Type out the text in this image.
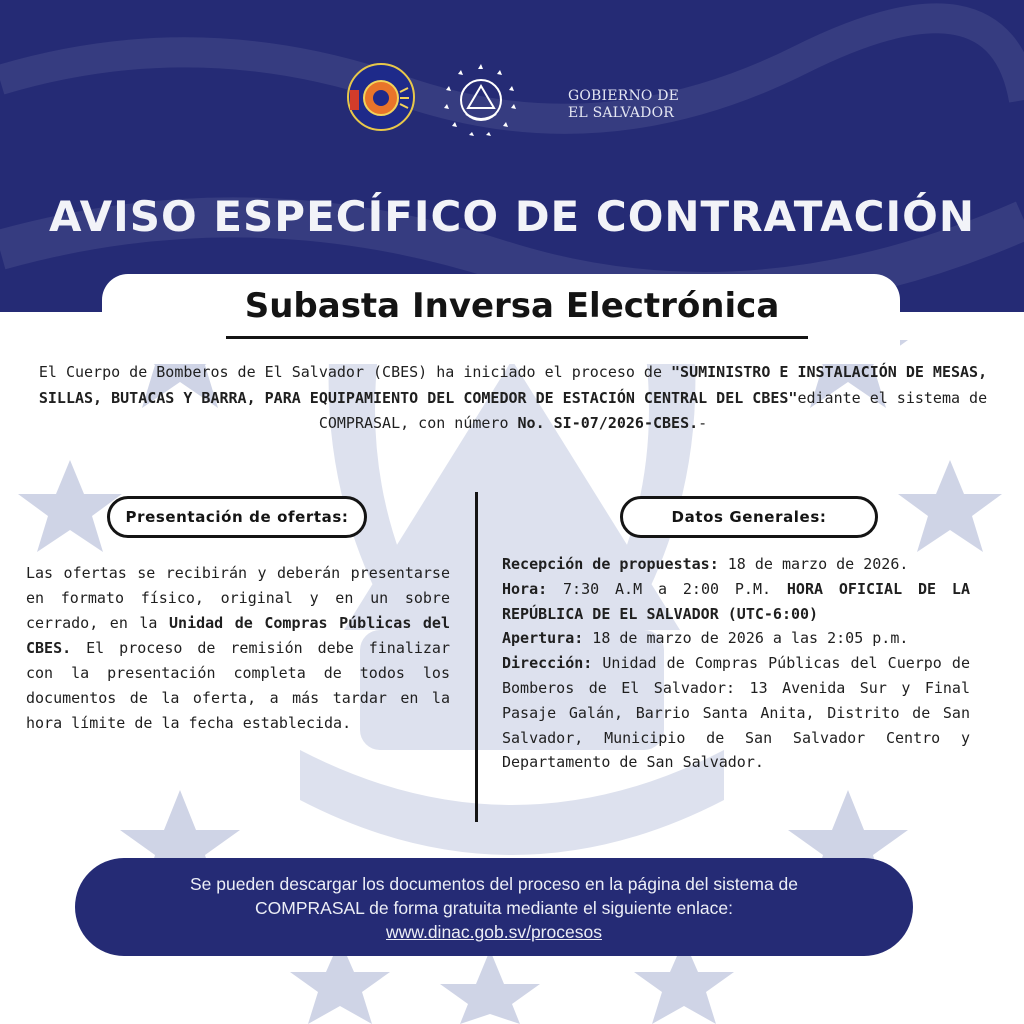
GOBIERNO DE
EL SALVADOR
AVISO ESPECÍFICO DE CONTRATACIÓN
Subasta Inversa Electrónica
El Cuerpo de Bomberos de El Salvador (CBES) ha iniciado el proceso de "SUMINISTRO E INSTALACIÓN DE MESAS, SILLAS, BUTACAS Y BARRA, PARA EQUIPAMIENTO DEL COMEDOR DE ESTACIÓN CENTRAL DEL CBES"ediante el sistema de COMPRASAL, con número No. SI-07/2026-CBES.-
Presentación de ofertas:	Datos Generales:

Las ofertas se recibirán y deberán presentarse en formato físico, original y en un sobre cerrado, en la Unidad de Compras Públicas del CBES. El proceso de remisión debe finalizar con la presentación completa de todos los documentos de la oferta, a más tardar en la hora límite de la fecha establecida.

Recepción de propuestas: 18 de marzo de 2026.

Hora: 7:30 A.M a 2:00 P.M. HORA OFICIAL DE LA REPÚBLICA DE EL SALVADOR (UTC-6:00)

Apertura: 18 de marzo de 2026 a las 2:05 p.m.

Dirección: Unidad de Compras Públicas del Cuerpo de Bomberos de El Salvador: 13 Avenida Sur y Final Pasaje Galán, Barrio Santa Anita, Distrito de San Salvador, Municipio de San Salvador Centro y Departamento de San Salvador.

Se pueden descargar los documentos del proceso en la página del sistema de
COMPRASAL de forma gratuita mediante el siguiente enlace:
www.dinac.gob.sv/procesos
